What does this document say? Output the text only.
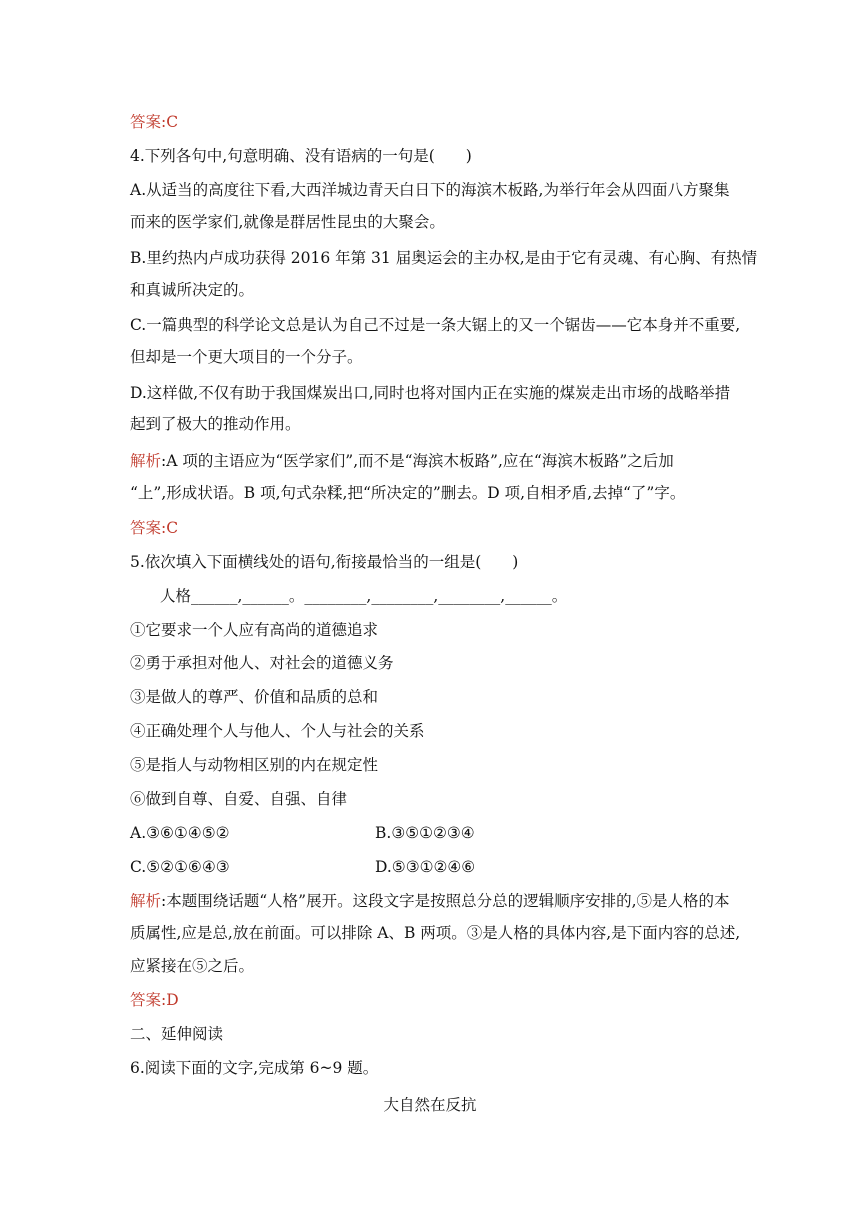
答案:C
4.下列各句中,句意明确、没有语病的一句是(　　)
A.从适当的高度往下看,大西洋城边青天白日下的海滨木板路,为举行年会从四面八方聚集
而来的医学家们,就像是群居性昆虫的大聚会。
B.里约热内卢成功获得 2016 年第 31 届奥运会的主办权,是由于它有灵魂、有心胸、有热情
和真诚所决定的。
C.一篇典型的科学论文总是认为自己不过是一条大锯上的又一个锯齿——它本身并不重要,
但却是一个更大项目的一个分子。
D.这样做,不仅有助于我国煤炭出口,同时也将对国内正在实施的煤炭走出市场的战略举措
起到了极大的推动作用。
解析:A 项的主语应为“医学家们”,而不是“海滨木板路”,应在“海滨木板路”之后加
“上”,形成状语。B 项,句式杂糅,把“所决定的”删去。D 项,自相矛盾,去掉“了”字。
答案:C
5.依次填入下面横线处的语句,衔接最恰当的一组是(　　)
人格______,______。________,________,________,______。
①它要求一个人应有高尚的道德追求
②勇于承担对他人、对社会的道德义务
③是做人的尊严、价值和品质的总和
④正确处理个人与他人、个人与社会的关系
⑤是指人与动物相区别的内在规定性
⑥做到自尊、自爱、自强、自律
A.③⑥①④⑤②	B.③⑤①②③④
C.⑤②①⑥④③	D.⑤③①②④⑥
解析:本题围绕话题“人格”展开。这段文字是按照总分总的逻辑顺序安排的,⑤是人格的本
质属性,应是总,放在前面。可以排除 A、B 两项。③是人格的具体内容,是下面内容的总述,
应紧接在⑤之后。
答案:D
二、延伸阅读
6.阅读下面的文字,完成第 6~9 题。
大自然在反抗
